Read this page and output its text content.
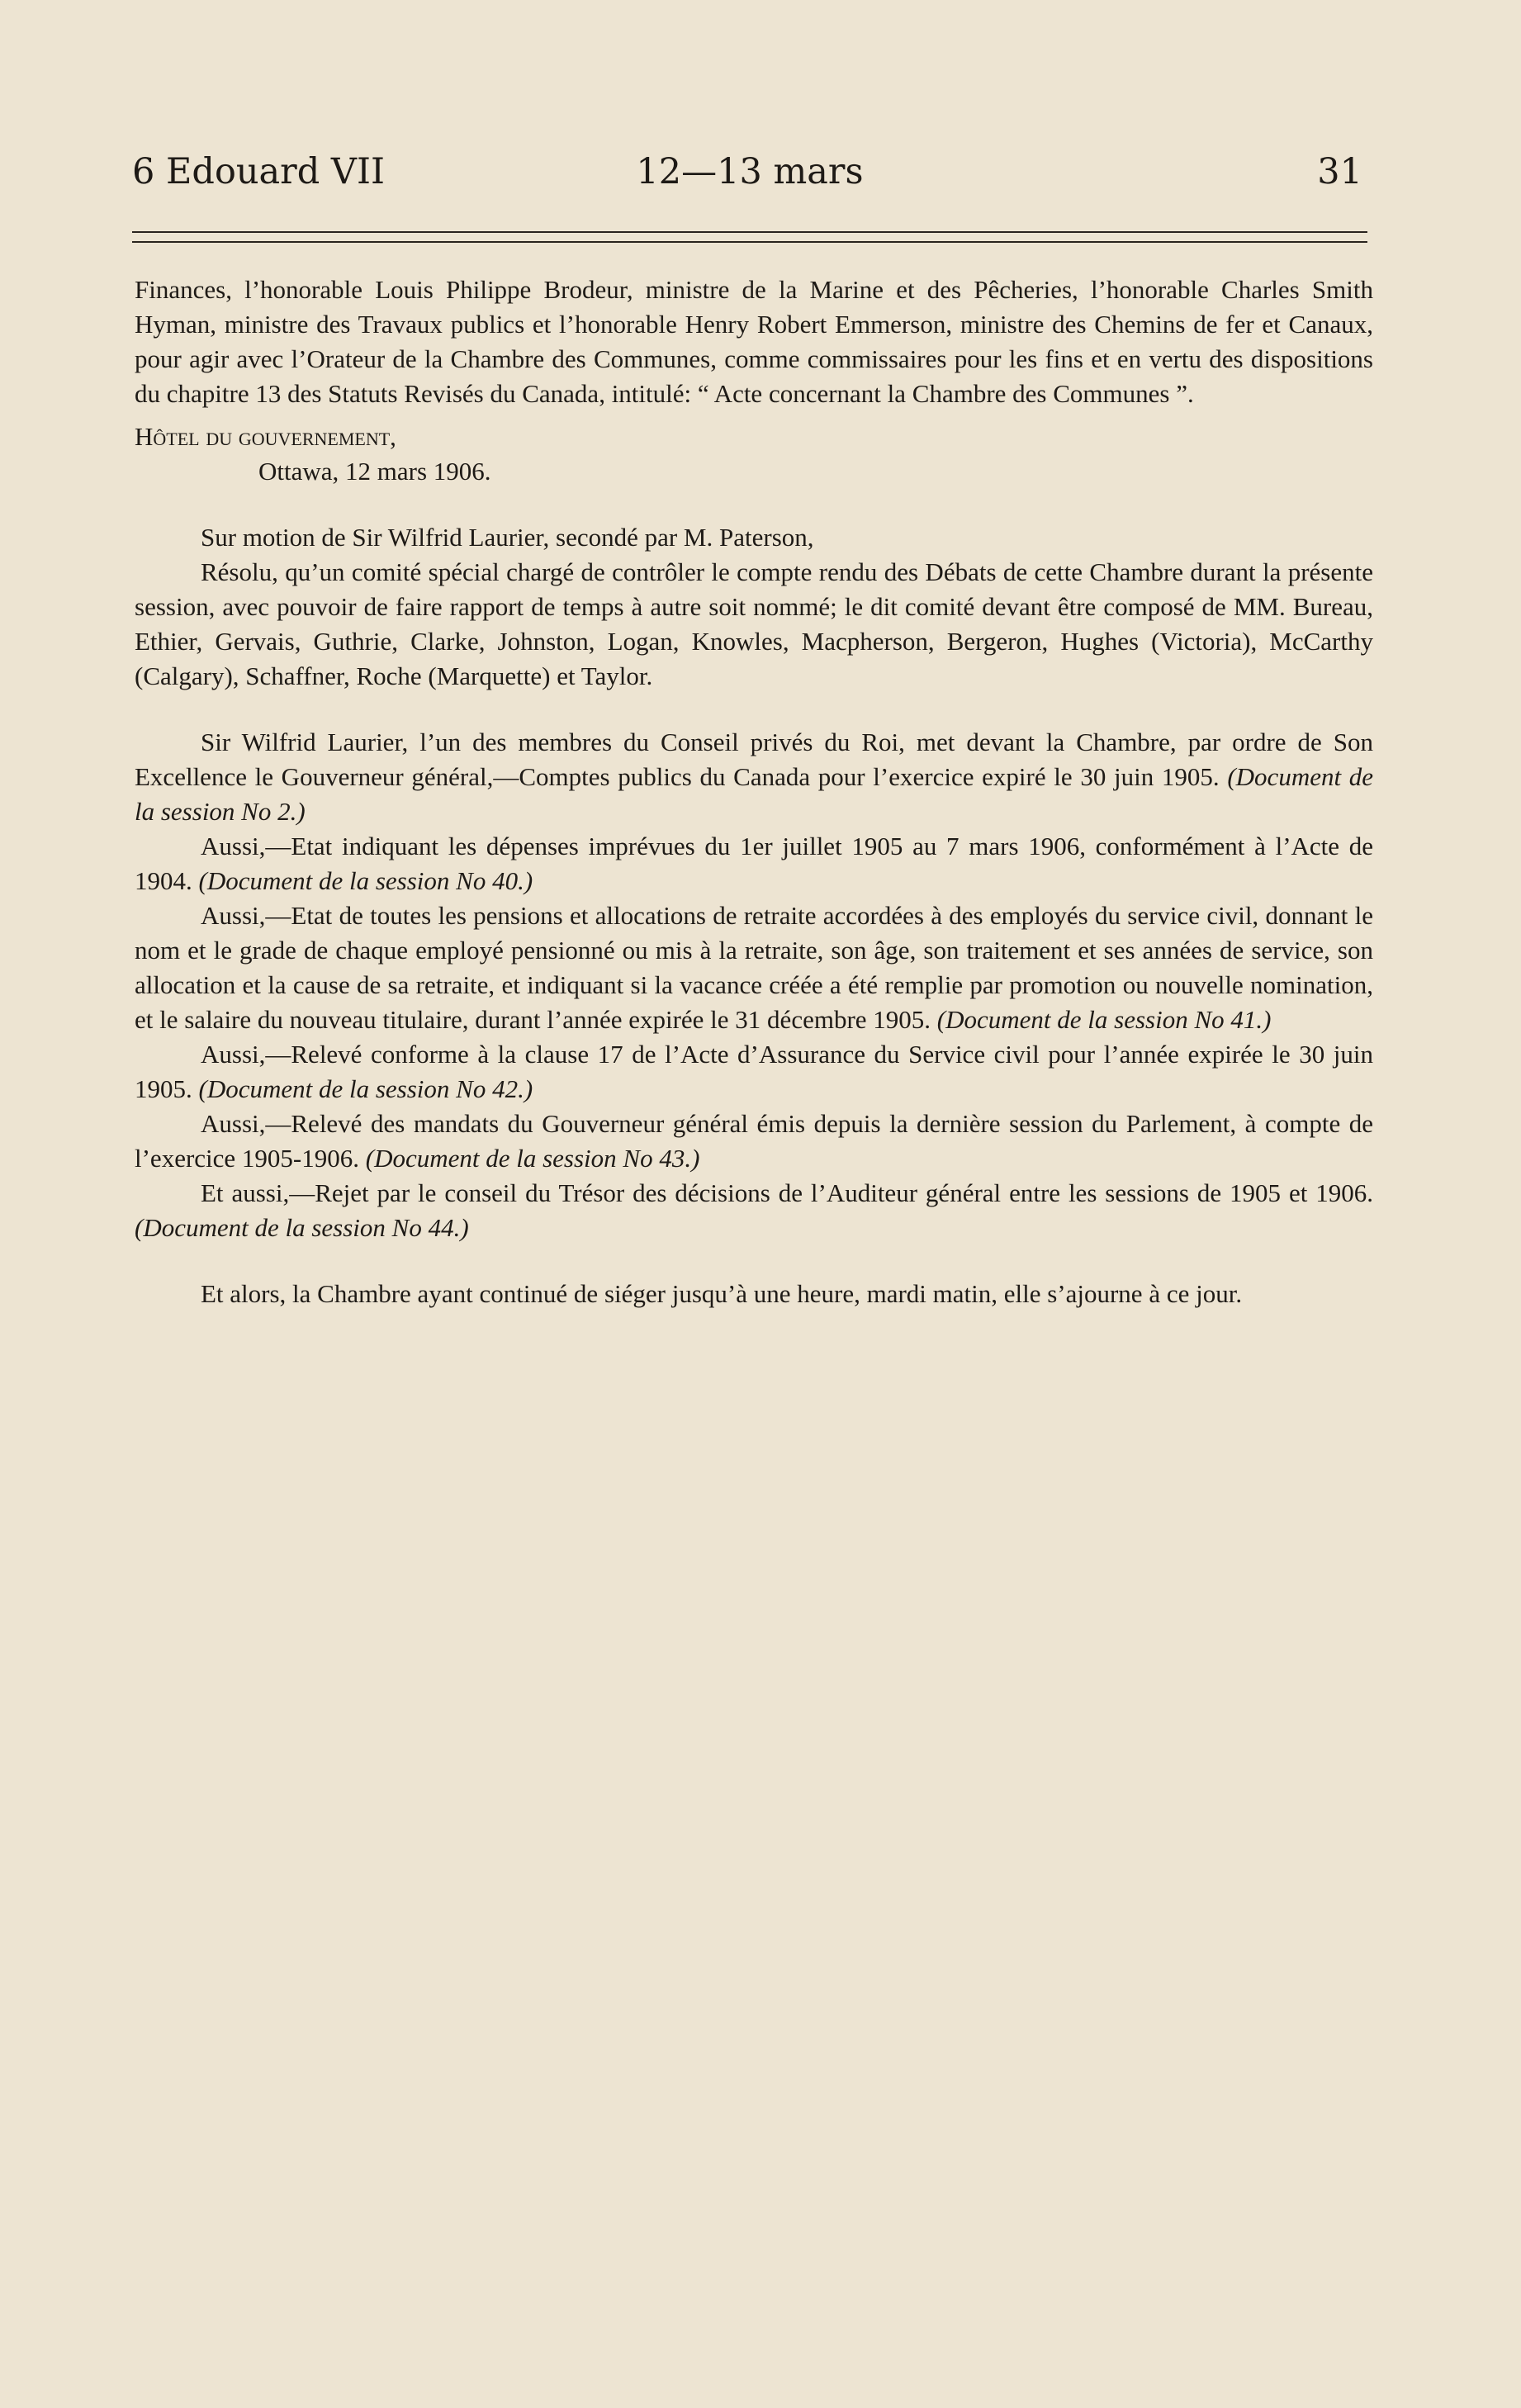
6 Edouard VII	12—13 mars	31

Finances, l’honorable Louis Philippe Brodeur, ministre de la Marine et des Pêcheries, l’honorable Charles Smith Hyman, ministre des Travaux publics et l’honorable Henry Robert Emmerson, ministre des Chemins de fer et Canaux, pour agir avec l’Orateur de la Chambre des Communes, comme commissaires pour les fins et en vertu des dispositions du chapitre 13 des Statuts Revisés du Canada, intitulé: “ Acte concernant la Chambre des Communes ”.

Hôtel du gouvernement,

Ottawa, 12 mars 1906.

Sur motion de Sir Wilfrid Laurier, secondé par M. Paterson,

Résolu, qu’un comité spécial chargé de contrôler le compte rendu des Débats de cette Chambre durant la présente session, avec pouvoir de faire rapport de temps à autre soit nommé; le dit comité devant être composé de MM. Bureau, Ethier, Gervais, Guthrie, Clarke, Johnston, Logan, Knowles, Macpherson, Bergeron, Hughes (Victoria), McCarthy (Calgary), Schaffner, Roche (Marquette) et Taylor.

Sir Wilfrid Laurier, l’un des membres du Conseil privés du Roi, met devant la Chambre, par ordre de Son Excellence le Gouverneur général,—Comptes publics du Canada pour l’exercice expiré le 30 juin 1905. (Document de la session No 2.)

Aussi,—Etat indiquant les dépenses imprévues du 1er juillet 1905 au 7 mars 1906, conformément à l’Acte de 1904. (Document de la session No 40.)

Aussi,—Etat de toutes les pensions et allocations de retraite accordées à des employés du service civil, donnant le nom et le grade de chaque employé pensionné ou mis à la retraite, son âge, son traitement et ses années de service, son allocation et la cause de sa retraite, et indiquant si la vacance créée a été remplie par promotion ou nouvelle nomination, et le salaire du nouveau titulaire, durant l’année expirée le 31 décembre 1905. (Document de la session No 41.)

Aussi,—Relevé conforme à la clause 17 de l’Acte d’Assurance du Service civil pour l’année expirée le 30 juin 1905. (Document de la session No 42.)

Aussi,—Relevé des mandats du Gouverneur général émis depuis la dernière session du Parlement, à compte de l’exercice 1905-1906. (Document de la session No 43.)

Et aussi,—Rejet par le conseil du Trésor des décisions de l’Auditeur général entre les sessions de 1905 et 1906. (Document de la session No 44.)

Et alors, la Chambre ayant continué de siéger jusqu’à une heure, mardi matin, elle s’ajourne à ce jour.
